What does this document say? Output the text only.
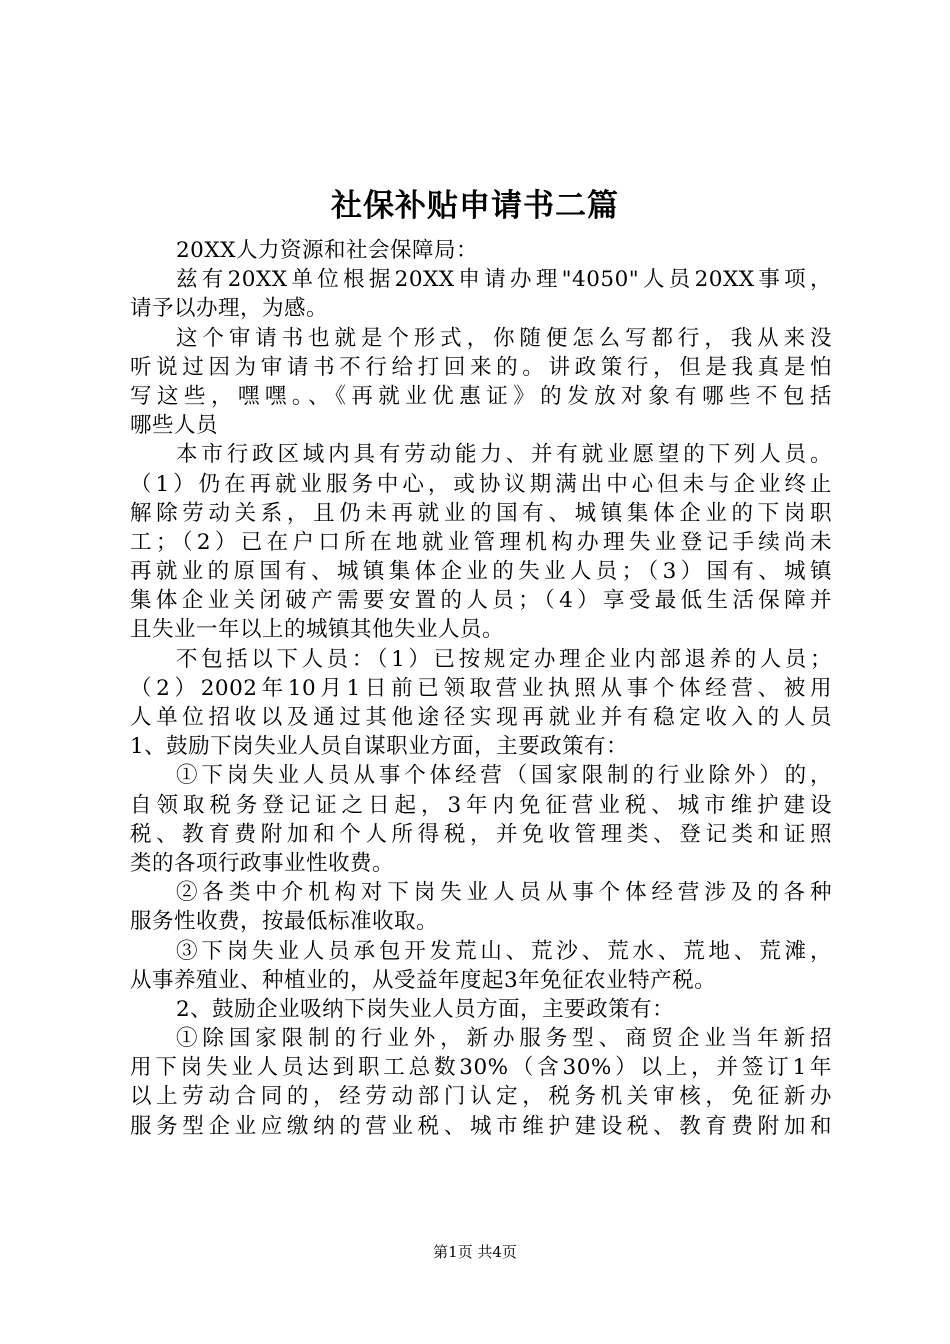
社保补贴申请书二篇
20XX人力资源和社会保障局：
兹有20XX单位根据20XX申请办理"4050"人员20XX事项，
请予以办理，为感。
这个审请书也就是个形式，你随便怎么写都行，我从来没
听说过因为审请书不行给打回来的。讲政策行，但是我真是怕
写这些，嘿嘿。、《再就业优惠证》的发放对象有哪些不包括
哪些人员
本市行政区域内具有劳动能力、并有就业愿望的下列人员。
（1）仍在再就业服务中心，或协议期满出中心但未与企业终止
解除劳动关系，且仍未再就业的国有、城镇集体企业的下岗职
工；（2）已在户口所在地就业管理机构办理失业登记手续尚未
再就业的原国有、城镇集体企业的失业人员；（3）国有、城镇
集体企业关闭破产需要安置的人员；（4）享受最低生活保障并
且失业一年以上的城镇其他失业人员。
不包括以下人员：（1）已按规定办理企业内部退养的人员；
（2）2002年10月1日前已领取营业执照从事个体经营、被用
人单位招收以及通过其他途径实现再就业并有稳定收入的人员
1、鼓励下岗失业人员自谋职业方面，主要政策有：
①下岗失业人员从事个体经营（国家限制的行业除外）的，
自领取税务登记证之日起，3年内免征营业税、城市维护建设
税、教育费附加和个人所得税，并免收管理类、登记类和证照
类的各项行政事业性收费。
②各类中介机构对下岗失业人员从事个体经营涉及的各种
服务性收费，按最低标准收取。
③下岗失业人员承包开发荒山、荒沙、荒水、荒地、荒滩，
从事养殖业、种植业的，从受益年度起3年免征农业特产税。
2、鼓励企业吸纳下岗失业人员方面，主要政策有：
①除国家限制的行业外，新办服务型、商贸企业当年新招
用下岗失业人员达到职工总数30%（含30%）以上，并签订1年
以上劳动合同的，经劳动部门认定，税务机关审核，免征新办
服务型企业应缴纳的营业税、城市维护建设税、教育费附加和
第1页 共4页
